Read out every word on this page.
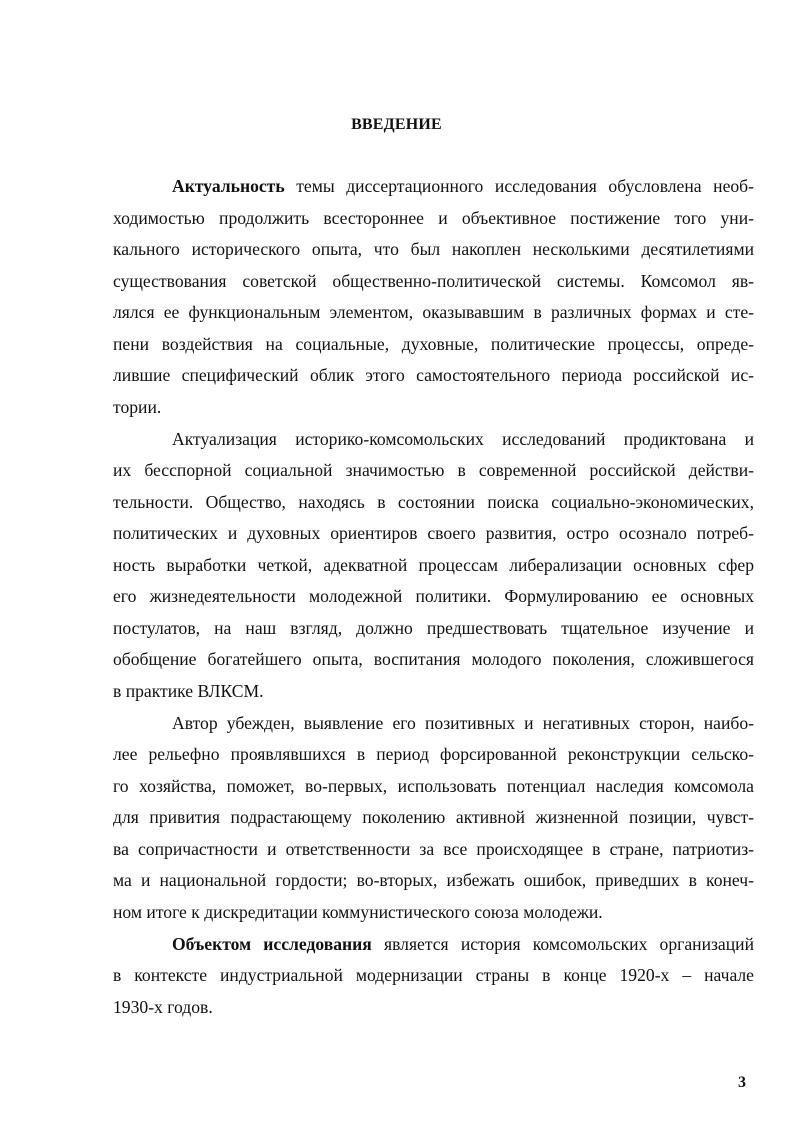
ВВЕДЕНИЕ
Актуальность темы диссертационного исследования обусловлена необ-
ходимостью продолжить всестороннее и объективное постижение того уни-
кального исторического опыта, что был накоплен несколькими десятилетиями
существования советской общественно-политической системы. Комсомол яв-
лялся ее функциональным элементом, оказывавшим в различных формах и сте-
пени воздействия на социальные, духовные, политические процессы, опреде-
лившие специфический облик этого самостоятельного периода российской ис-
тории.
Актуализация историко-комсомольских исследований продиктована и
их бесспорной социальной значимостью в современной российской действи-
тельности. Общество, находясь в состоянии поиска социально-экономических,
политических и духовных ориентиров своего развития, остро осознало потреб-
ность выработки четкой, адекватной процессам либерализации основных сфер
его жизнедеятельности молодежной политики. Формулированию ее основных
постулатов, на наш взгляд, должно предшествовать тщательное изучение и
обобщение богатейшего опыта, воспитания молодого поколения, сложившегося
в практике ВЛКСМ.
Автор убежден, выявление его позитивных и негативных сторон, наибо-
лее рельефно проявлявшихся в период форсированной реконструкции сельско-
го хозяйства, поможет, во-первых, использовать потенциал наследия комсомола
для привития подрастающему поколению активной жизненной позиции, чувст-
ва сопричастности и ответственности за все происходящее в стране, патриотиз-
ма и национальной гордости; во-вторых, избежать ошибок, приведших в конеч-
ном итоге к дискредитации коммунистического союза молодежи.
Объектом исследования является история комсомольских организаций
в контексте индустриальной модернизации страны в конце 1920-х – начале
1930-х годов.
3
